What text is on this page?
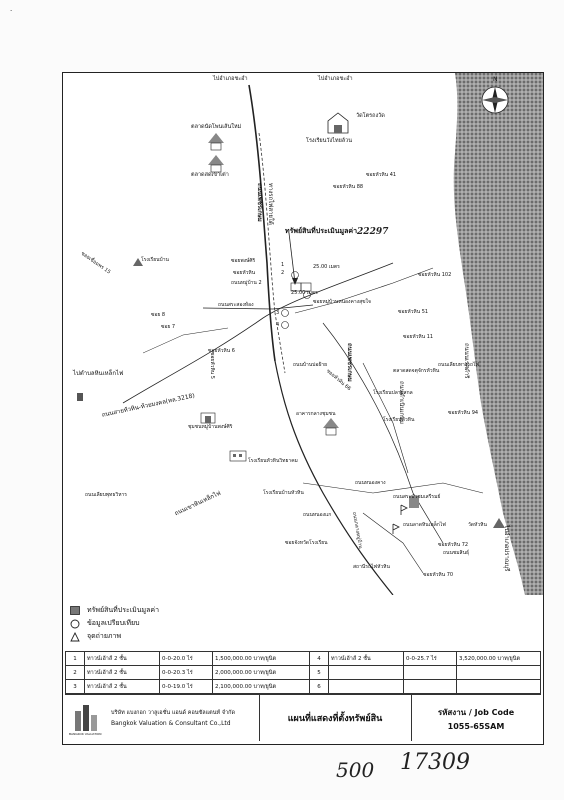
·
ไปอำเภอชะอำ	ไปอำเภอชะอำ	N
วัดโตรถงวัด
โรงเรียนวังไทยล้วน
ตลาดนัดโพนเส้นใหม่
ตลาดสดเขาเต่า
ซอยหัวหิน 88
ซอยหัวหิน 41
ถนนเพชรเกษม ทางรถไฟสายใต้
ทรัพย์สินที่ประเมินมูลค่า 22297
1
2
25.00 เมตร
25.00 เมตร
3
4
ซอยหมู่บ้านหนองคางสุขใจ
ซอยพงษ์ศิริ
ถนนหมู่บ้าน 2
ซอยหัวหิน
โรงเรียนบ้าน
ซอยเชื่อมพร 15
ซอย 8
ซอย 7
ถนนสระสองห้อง
ซอยหัวหิน 51
ซอยหัวหิน 6
ถนนบ้านบ่อฝ้าย
ตลาดสดจตุจักรหัวหิน
โรงเรียนปลายสกล
อาคารกลางชุมชน
ถนนเพชรเกษม	ถนนนเรศดำริ
ถนนดำเนินเกษม
โรงเรียนหัวหิน
ซอยหัวหิน 94
ไปตำบลหินเหล็กไฟ
ถนนสายหัวหิน-ห้วยมงคล(ทล.3218)
ซอยหัวหิน 5
ชุมชนหมู่บ้านพงษ์ศิริ
โรงเรียนหัวหินวิทยาคม
ถนนเลียบพุทธวิหาร	ถนนเขาหินเหล็กไฟ	โรงเรียนบ้านหัวหิน
ถนนหนองคาง
ถนนหนองแก
ถนนลาดหินเหล็กไฟ
ถนนสระบัวชมเสรีรมย์
ถนนกลางหมู่บ้าน
ซอยจังหวัดโรงเรียน	ซอยหัวหิน 72
วัดหัวหิน	ไปอำเภอปราณบุรี
สถานีรถไฟหัวหิน
ซอยหัวหิน 70
ถนนชมสินธุ์
ซอยหัวหิน 66
ซอยหัวหิน 102
ซอยหัวหิน 11
ถนนเลียบทางรถไฟ
ทรัพย์สินที่ประเมินมูลค่า
ข้อมูลเปรียบเทียบ
จุดถ่ายภาพ
1	ทาวน์เฮ้าส์ 2 ชั้น	0-0-20.0 ไร่	1,500,000.00 บาท/ยูนิต	4	ทาวน์เฮ้าส์ 2 ชั้น	0-0-25.7 ไร่	3,520,000.00 บาท/ยูนิต
2	ทาวน์เฮ้าส์ 2 ชั้น	0-0-20.3 ไร่	2,000,000.00 บาท/ยูนิต	5			
3	ทาวน์เฮ้าส์ 2 ชั้น	0-0-19.0 ไร่	2,100,000.00 บาท/ยูนิต	6			
BANGKOK VALUATION
บริษัท แบงกอก วาลูเอชั่น แอนด์ คอนซัลแตนท์ จำกัด
Bangkok Valuation & Consultant Co.,Ltd	แผนที่แสดงที่ตั้งทรัพย์สิน
รหัสงาน / Job Code
1055-65SAM
500 17309
